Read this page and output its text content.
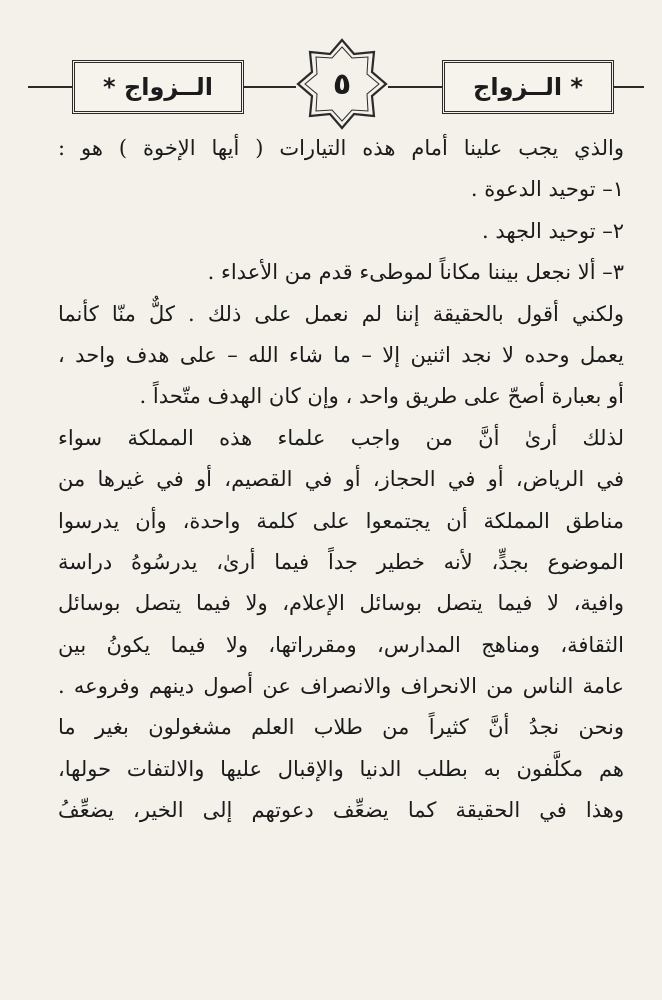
* الــزواج
٥
الــزواج *
والذي يجب علينا أمام هذه التيارات ( أيها الإخوة ) هو :
١– توحيد الدعوة .
٢– توحيد الجهد .
٣– ألا نجعل بيننا مكاناً لموطىء قدم من الأعداء .
ولكني أقول بالحقيقة إننا لم نعمل على ذلك . كلٌّ منّا كأنما
يعمل وحده لا نجد اثنين إلا – ما شاء الله – على هدف واحد ،
أو بعبارة أصحّ على طريق واحد ، وإن كان الهدف متّحداً .
لذلك أرىٰ أنَّ من واجب علماء هذه المملكة سواء
في الرياض، أو في الحجاز، أو في القصيم، أو في غيرها من
مناطق المملكة أن يجتمعوا على كلمة واحدة، وأن يدرسوا
الموضوع بجدٍّ، لأنه خطير جداً فيما أرىٰ، يدرسُوهُ دراسة
وافية، لا فيما يتصل بوسائل الإعلام، ولا فيما يتصل بوسائل
الثقافة، ومناهج المدارس، ومقرراتها، ولا فيما يكونُ بين
عامة الناس من الانحراف والانصراف عن أصول دينهم وفروعه .
ونحن نجدُ أنَّ كثيراً من طلاب العلم مشغولون بغير ما
هم مكلَّفون به بطلب الدنيا والإقبال عليها والالتفات حولها،
وهذا في الحقيقة كما يضعِّف دعوتهم إلى الخير، يضعِّفُ
